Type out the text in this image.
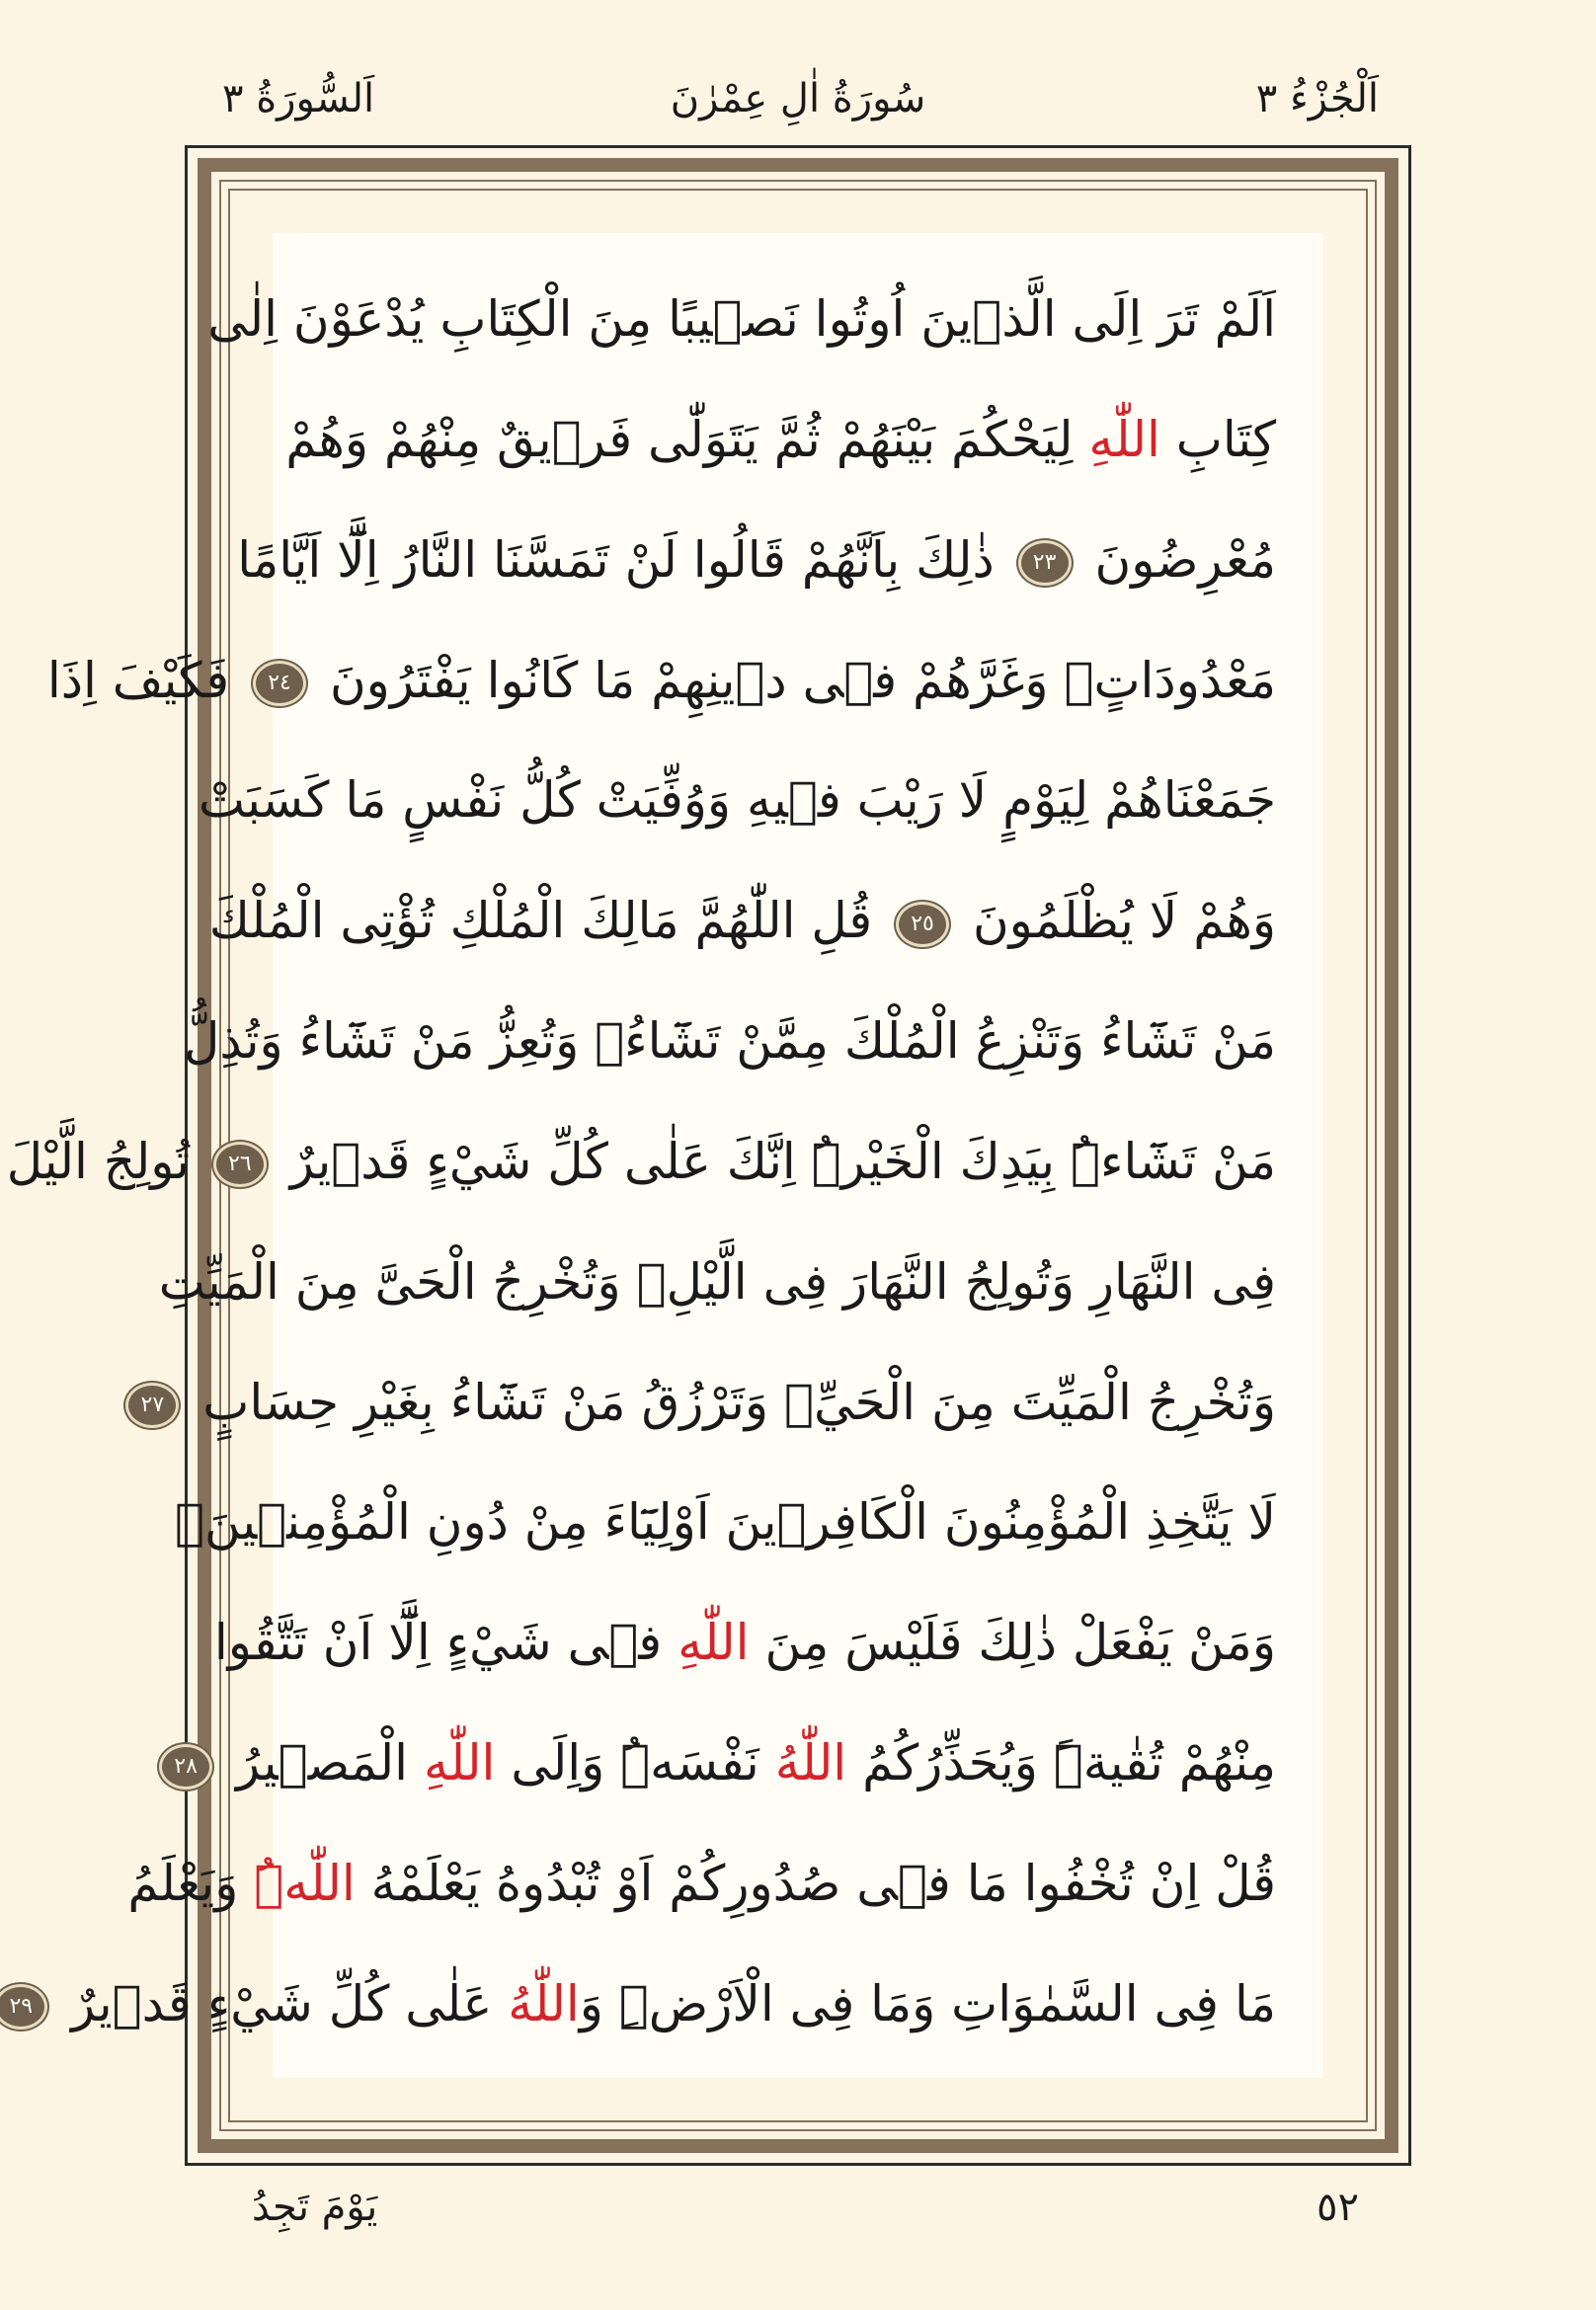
اَلْجُزْءُ ٣
سُورَةُ اٰلِ عِمْرٰنَ
اَلسُّورَةُ ٣
اَلَمْ تَرَ اِلَى الَّذٖينَ اُوتُوا نَصٖيبًا مِنَ الْكِتَابِ يُدْعَوْنَ اِلٰى
كِتَابِ اللّٰهِ لِيَحْكُمَ بَيْنَهُمْ ثُمَّ يَتَوَلّٰى فَرٖيقٌ مِنْهُمْ وَهُمْ
مُعْرِضُونَ ٢٣ ذٰلِكَ بِاَنَّهُمْ قَالُوا لَنْ تَمَسَّنَا النَّارُ اِلَّٓا اَيَّامًا
مَعْدُودَاتٍۖ وَغَرَّهُمْ فٖى دٖينِهِمْ مَا كَانُوا يَفْتَرُونَ ٢٤ فَكَيْفَ اِذَا
جَمَعْنَاهُمْ لِيَوْمٍ لَا رَيْبَ فٖيهِ وَوُفِّيَتْ كُلُّ نَفْسٍ مَا كَسَبَتْ
وَهُمْ لَا يُظْلَمُونَ ٢٥ قُلِ اللّٰهُمَّ مَالِكَ الْمُلْكِ تُؤْتِى الْمُلْكَ
مَنْ تَشَٓاءُ وَتَنْزِعُ الْمُلْكَ مِمَّنْ تَشَٓاءُۘ وَتُعِزُّ مَنْ تَشَٓاءُ وَتُذِلُّ
مَنْ تَشَٓاءُۜ بِيَدِكَ الْخَيْرُۜ اِنَّكَ عَلٰى كُلِّ شَيْءٍ قَدٖيرٌ ٢٦ تُولِجُ الَّيْلَ
فِى النَّهَارِ وَتُولِجُ النَّهَارَ فِى الَّيْلِۘ وَتُخْرِجُ الْحَىَّ مِنَ الْمَيِّتِ
وَتُخْرِجُ الْمَيِّتَ مِنَ الْحَيِّۘ وَتَرْزُقُ مَنْ تَشَٓاءُ بِغَيْرِ حِسَابٍ ٢٧
لَا يَتَّخِذِ الْمُؤْمِنُونَ الْكَافِرٖينَ اَوْلِيَٓاءَ مِنْ دُونِ الْمُؤْمِنٖينَۚ
وَمَنْ يَفْعَلْ ذٰلِكَ فَلَيْسَ مِنَ اللّٰهِ فٖى شَيْءٍ اِلَّٓا اَنْ تَتَّقُوا
مِنْهُمْ تُقٰيةًۜ وَيُحَذِّرُكُمُ اللّٰهُ نَفْسَهُۜ وَاِلَى اللّٰهِ الْمَصٖيرُ ٢٨
قُلْ اِنْ تُخْفُوا مَا فٖى صُدُورِكُمْ اَوْ تُبْدُوهُ يَعْلَمْهُ اللّٰهُۜ وَيَعْلَمُ
مَا فِى السَّمٰوَاتِ وَمَا فِى الْاَرْضِۜ وَاللّٰهُ عَلٰى كُلِّ شَيْءٍ قَدٖيرٌ ٢٩
٥٢
يَوْمَ تَجِدُ
